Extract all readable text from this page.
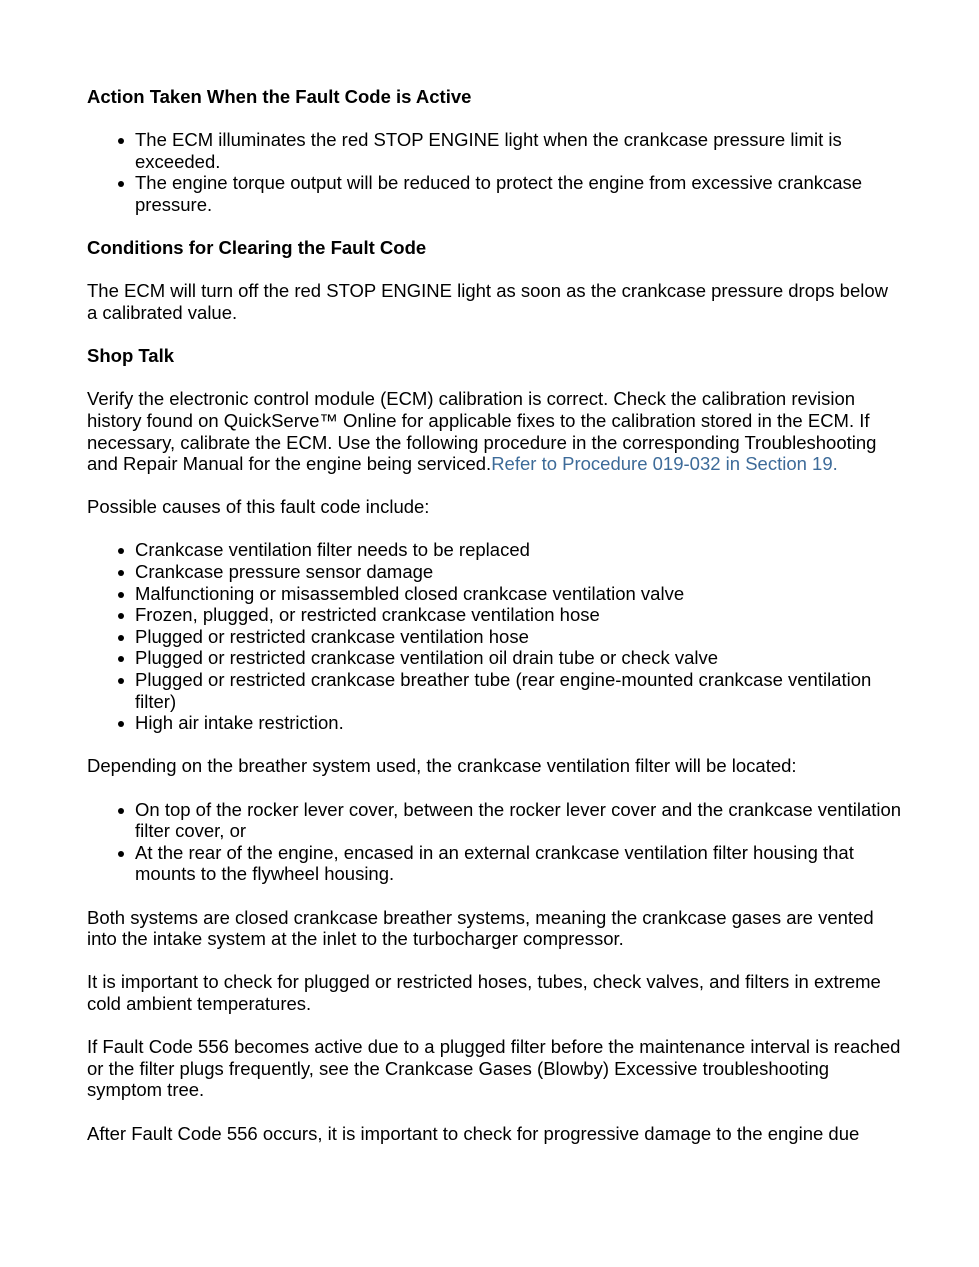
Action Taken When the Fault Code is Active
The ECM illuminates the red STOP ENGINE light when the crankcase pressure limit is exceeded.
The engine torque output will be reduced to protect the engine from excessive crankcase pressure.
Conditions for Clearing the Fault Code

The ECM will turn off the red STOP ENGINE light as soon as the crankcase pressure drops below a calibrated value.

Shop Talk

Verify the electronic control module (ECM) calibration is correct. Check the calibration revision history found on QuickServe™ Online for applicable fixes to the calibration stored in the ECM. If necessary, calibrate the ECM. Use the following procedure in the corresponding Troubleshooting and Repair Manual for the engine being serviced.Refer to Procedure 019-032 in Section 19.

Possible causes of this fault code include:

Crankcase ventilation filter needs to be replaced
Crankcase pressure sensor damage
Malfunctioning or misassembled closed crankcase ventilation valve
Frozen, plugged, or restricted crankcase ventilation hose
Plugged or restricted crankcase ventilation hose
Plugged or restricted crankcase ventilation oil drain tube or check valve
Plugged or restricted crankcase breather tube (rear engine-mounted crankcase ventilation filter)
High air intake restriction.

Depending on the breather system used, the crankcase ventilation filter will be located:

On top of the rocker lever cover, between the rocker lever cover and the crankcase ventilation filter cover, or
At the rear of the engine, encased in an external crankcase ventilation filter housing that mounts to the flywheel housing.

Both systems are closed crankcase breather systems, meaning the crankcase gases are vented into the intake system at the inlet to the turbocharger compressor.

It is important to check for plugged or restricted hoses, tubes, check valves, and filters in extreme cold ambient temperatures.

If Fault Code 556 becomes active due to a plugged filter before the maintenance interval is reached or the filter plugs frequently, see the Crankcase Gases (Blowby) Excessive troubleshooting symptom tree.

After Fault Code 556 occurs, it is important to check for progressive damage to the engine due
